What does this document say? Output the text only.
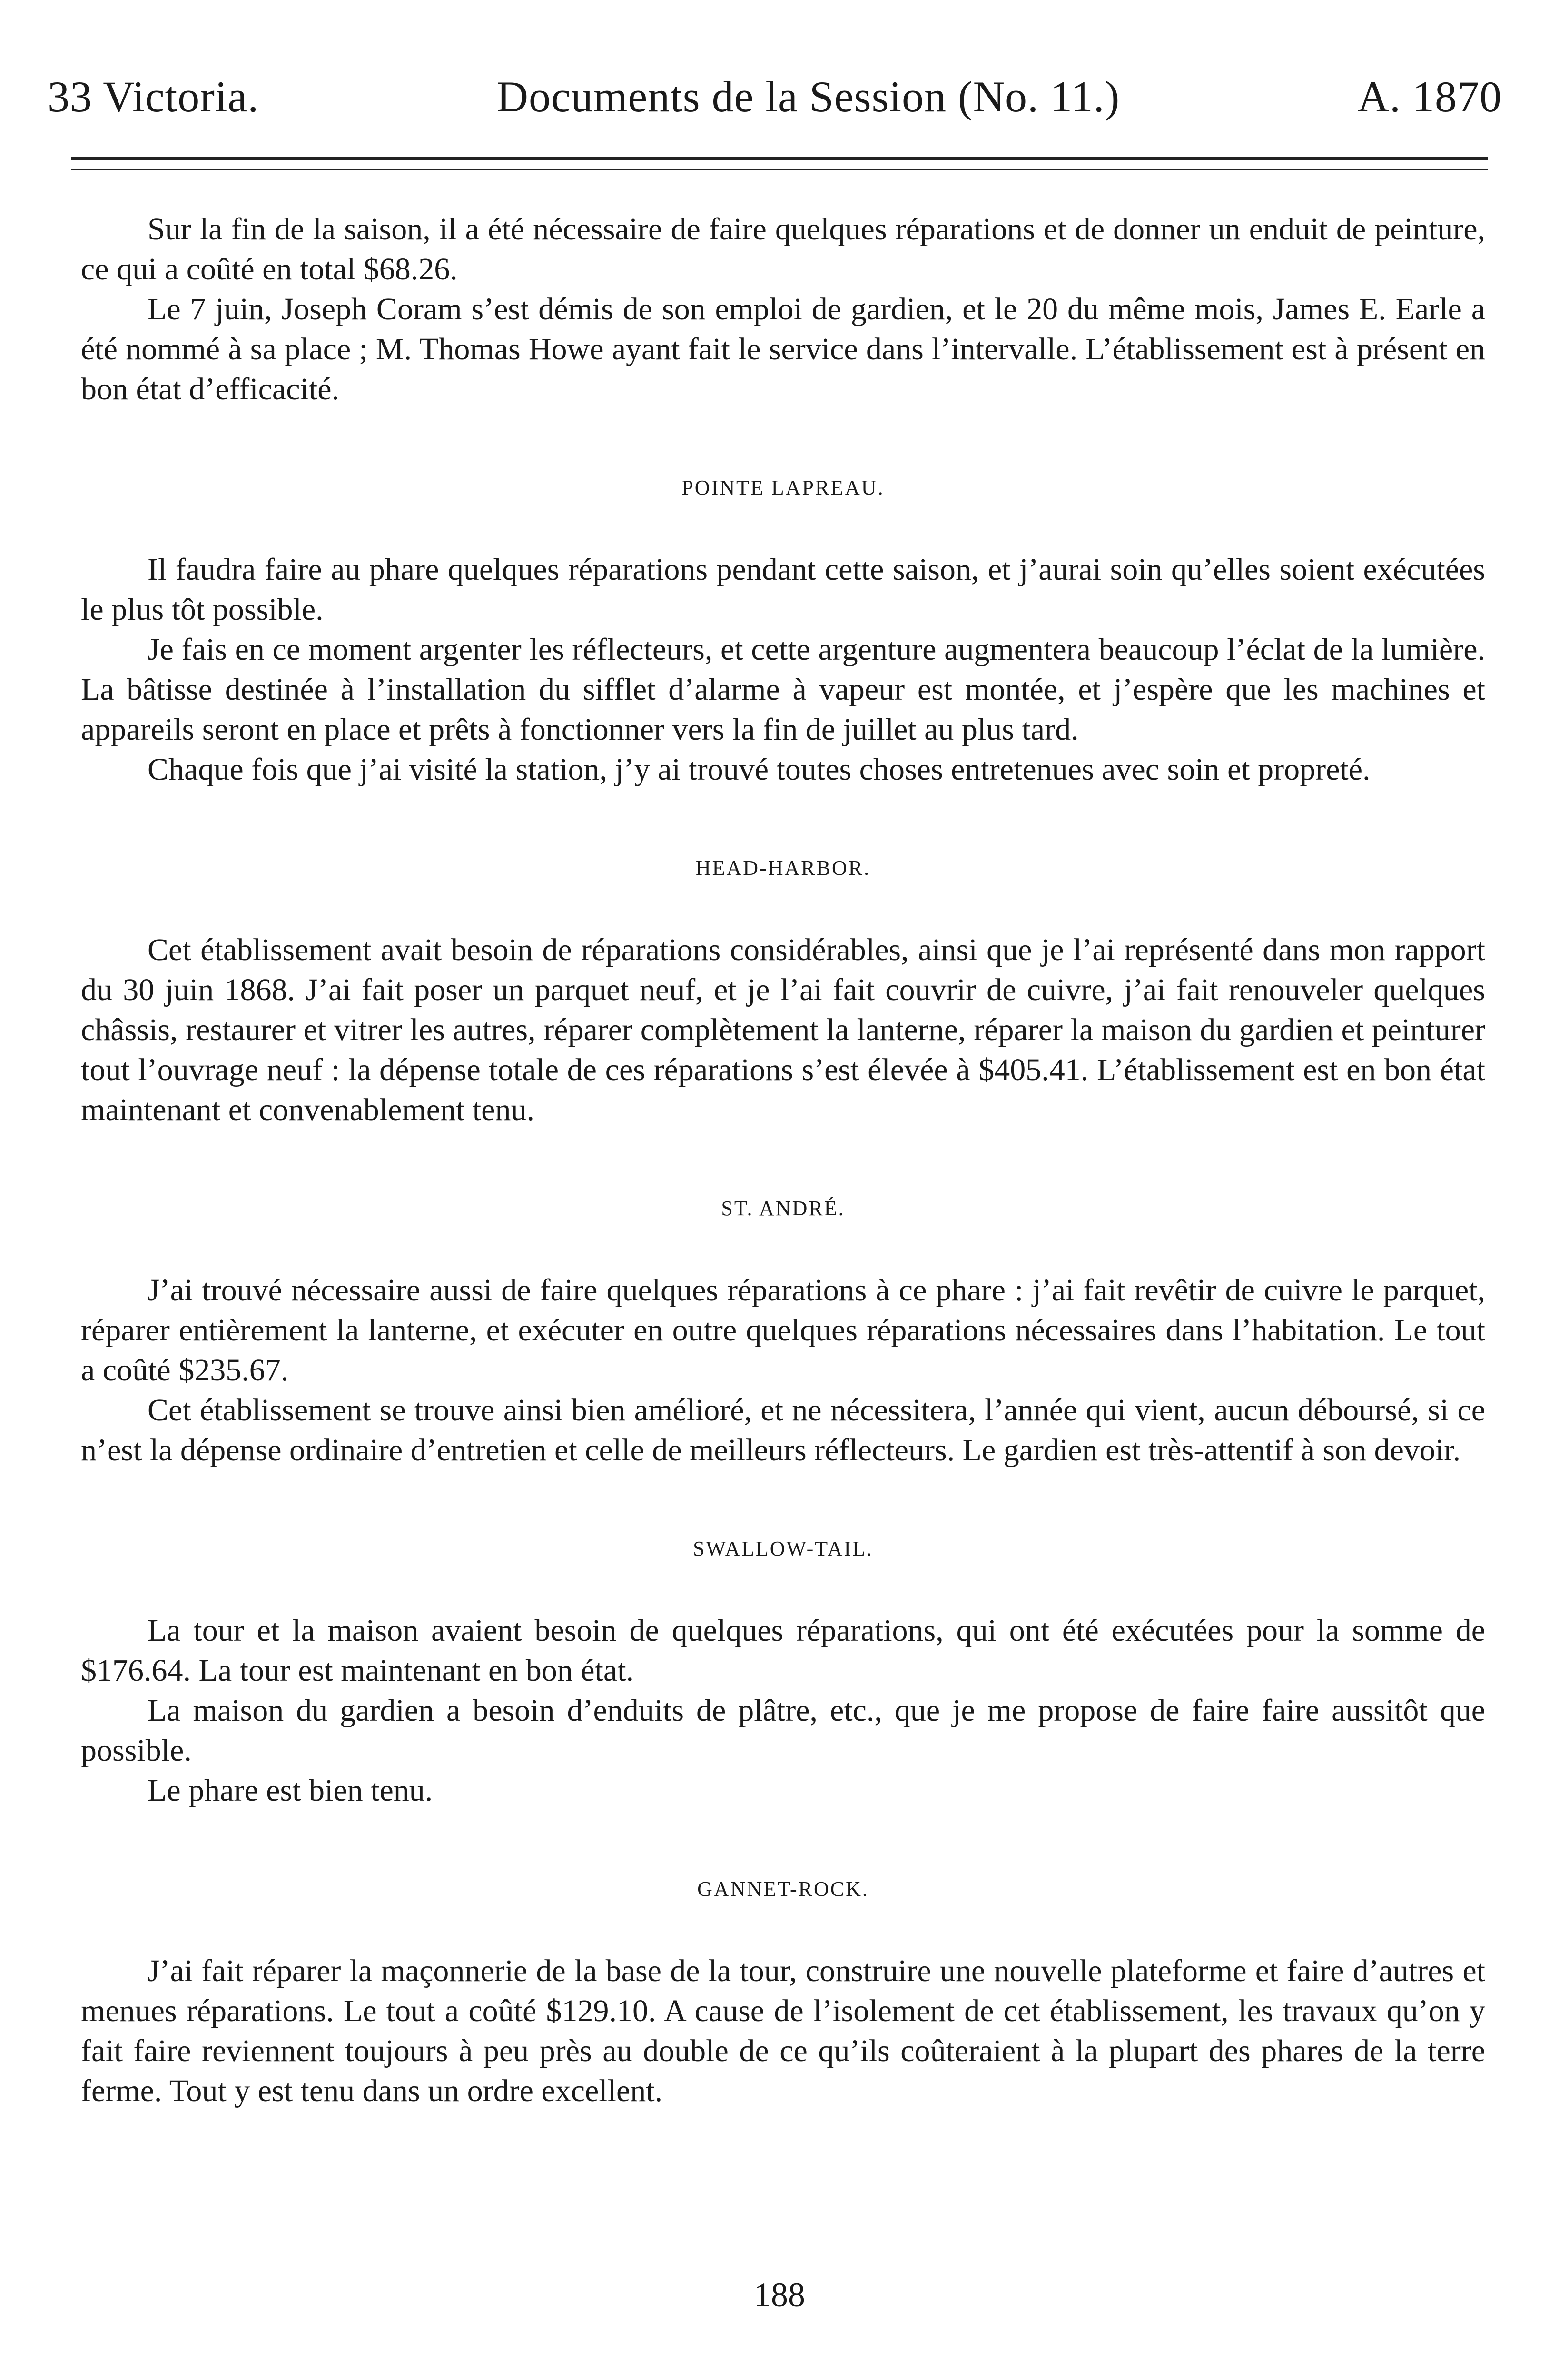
33 Victoria.	Documents de la Session (No. 11.)	A. 1870

Sur la fin de la saison, il a été nécessaire de faire quelques réparations et de donner un enduit de peinture, ce qui a coûté en total $68.26.

Le 7 juin, Joseph Coram s’est démis de son emploi de gardien, et le 20 du même mois, James E. Earle a été nommé à sa place ; M. Thomas Howe ayant fait le service dans l’intervalle. L’établissement est à présent en bon état d’efficacité.

POINTE LAPREAU.

Il faudra faire au phare quelques réparations pendant cette saison, et j’aurai soin qu’elles soient exécutées le plus tôt possible.

Je fais en ce moment argenter les réflecteurs, et cette argenture augmentera beaucoup l’éclat de la lumière. La bâtisse destinée à l’installation du sifflet d’alarme à vapeur est montée, et j’espère que les machines et appareils seront en place et prêts à fonctionner vers la fin de juillet au plus tard.

Chaque fois que j’ai visité la station, j’y ai trouvé toutes choses entretenues avec soin et propreté.

HEAD-HARBOR.

Cet établissement avait besoin de réparations considérables, ainsi que je l’ai représenté dans mon rapport du 30 juin 1868. J’ai fait poser un parquet neuf, et je l’ai fait couvrir de cuivre, j’ai fait renouveler quelques châssis, restaurer et vitrer les autres, réparer complètement la lanterne, réparer la maison du gardien et peinturer tout l’ouvrage neuf : la dépense totale de ces réparations s’est élevée à $405.41. L’établissement est en bon état maintenant et convenablement tenu.

ST. ANDRÉ.

J’ai trouvé nécessaire aussi de faire quelques réparations à ce phare : j’ai fait revêtir de cuivre le parquet, réparer entièrement la lanterne, et exécuter en outre quelques réparations nécessaires dans l’habitation. Le tout a coûté $235.67.

Cet établissement se trouve ainsi bien amélioré, et ne nécessitera, l’année qui vient, aucun déboursé, si ce n’est la dépense ordinaire d’entretien et celle de meilleurs réflecteurs. Le gardien est très-attentif à son devoir.

SWALLOW-TAIL.

La tour et la maison avaient besoin de quelques réparations, qui ont été exécutées pour la somme de $176.64. La tour est maintenant en bon état.

La maison du gardien a besoin d’enduits de plâtre, etc., que je me propose de faire faire aussitôt que possible.

Le phare est bien tenu.

GANNET-ROCK.

J’ai fait réparer la maçonnerie de la base de la tour, construire une nouvelle plateforme et faire d’autres et menues réparations. Le tout a coûté $129.10. A cause de l’isolement de cet établissement, les travaux qu’on y fait faire reviennent toujours à peu près au double de ce qu’ils coûteraient à la plupart des phares de la terre ferme. Tout y est tenu dans un ordre excellent.

188
